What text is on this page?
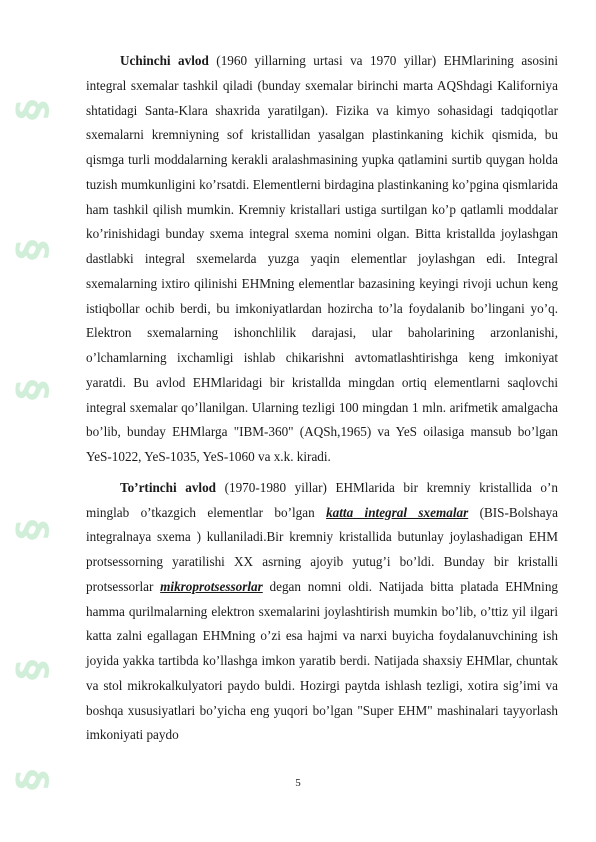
§
§
§
§
§
§

Uchinchi avlod (1960 yillarning urtasi va 1970 yillar) EHMlarining asosini integral sxemalar tashkil qiladi (bunday sxemalar birinchi marta AQShdagi Kaliforniya shtatidagi Santa-Klara shaxrida yaratilgan). Fizika va kimyo sohasidagi tadqiqotlar sxemalarni kremniyning sof kristallidan yasalgan plastinkaning kichik qismida, bu qismga turli moddalarning kerakli aralashmasining yupka qatlamini surtib quygan holda tuzish mumkunligini ko’rsatdi. Elementlerni birdagina plastinkaning ko’pgina qismlarida ham tashkil qilish mumkin. Kremniy kristallari ustiga surtilgan ko’p qatlamli moddalar ko’rinishidagi bunday sxema integral sxema nomini olgan. Bitta kristallda joylashgan dastlabki integral sxemelarda yuzga yaqin elementlar joylashgan edi. Integral sxemalarning ixtiro qilinishi EHMning elementlar bazasining keyingi rivoji uchun keng istiqbollar ochib berdi, bu imkoniyatlardan hozircha to’la foydalanib bo’lingani yo’q. Elektron sxemalarning ishonchlilik darajasi, ular baholarining arzonlanishi, o’lchamlarning ixchamligi ishlab chikarishni avtomatlashtirishga keng imkoniyat yaratdi. Bu avlod EHMlaridagi bir kristallda mingdan ortiq elementlarni saqlovchi integral sxemalar qo’llanilgan. Ularning tezligi 100 mingdan 1 mln. arifmetik amalgacha bo’lib, bunday EHMlarga "IBM-360" (AQSh,1965) va YeS oilasiga mansub bo’lgan YeS-1022, YeS-1035, YeS-1060 va x.k. kiradi.

To’rtinchi avlod (1970-1980 yillar) EHMlarida bir kremniy kristallida o’n minglab o’tkazgich elementlar bo’lgan katta integral sxemalar (BIS-Bolshaya integralnaya sxema ) kullaniladi.Bir kremniy kristallida butunlay joylashadigan EHM protsessorning yaratilishi XX asrning ajoyib yutug’i bo’ldi. Bunday bir kristalli protsessorlar mikroprotsessorlar degan nomni oldi. Natijada bitta platada EHMning hamma qurilmalarning elektron sxemalarini joylashtirish mumkin bo’lib, o’ttiz yil ilgari katta zalni egallagan EHMning o’zi esa hajmi va narxi buyicha foydalanuvchining ish joyida yakka tartibda ko’llashga imkon yaratib berdi. Natijada shaxsiy EHMlar, chuntak va stol mikrokalkulyatori paydo buldi. Hozirgi paytda ishlash tezligi, xotira sig’imi va boshqa xususiyatlari bo’yicha eng yuqori bo’lgan "Super EHM" mashinalari tayyorlash imkoniyati paydo

5
